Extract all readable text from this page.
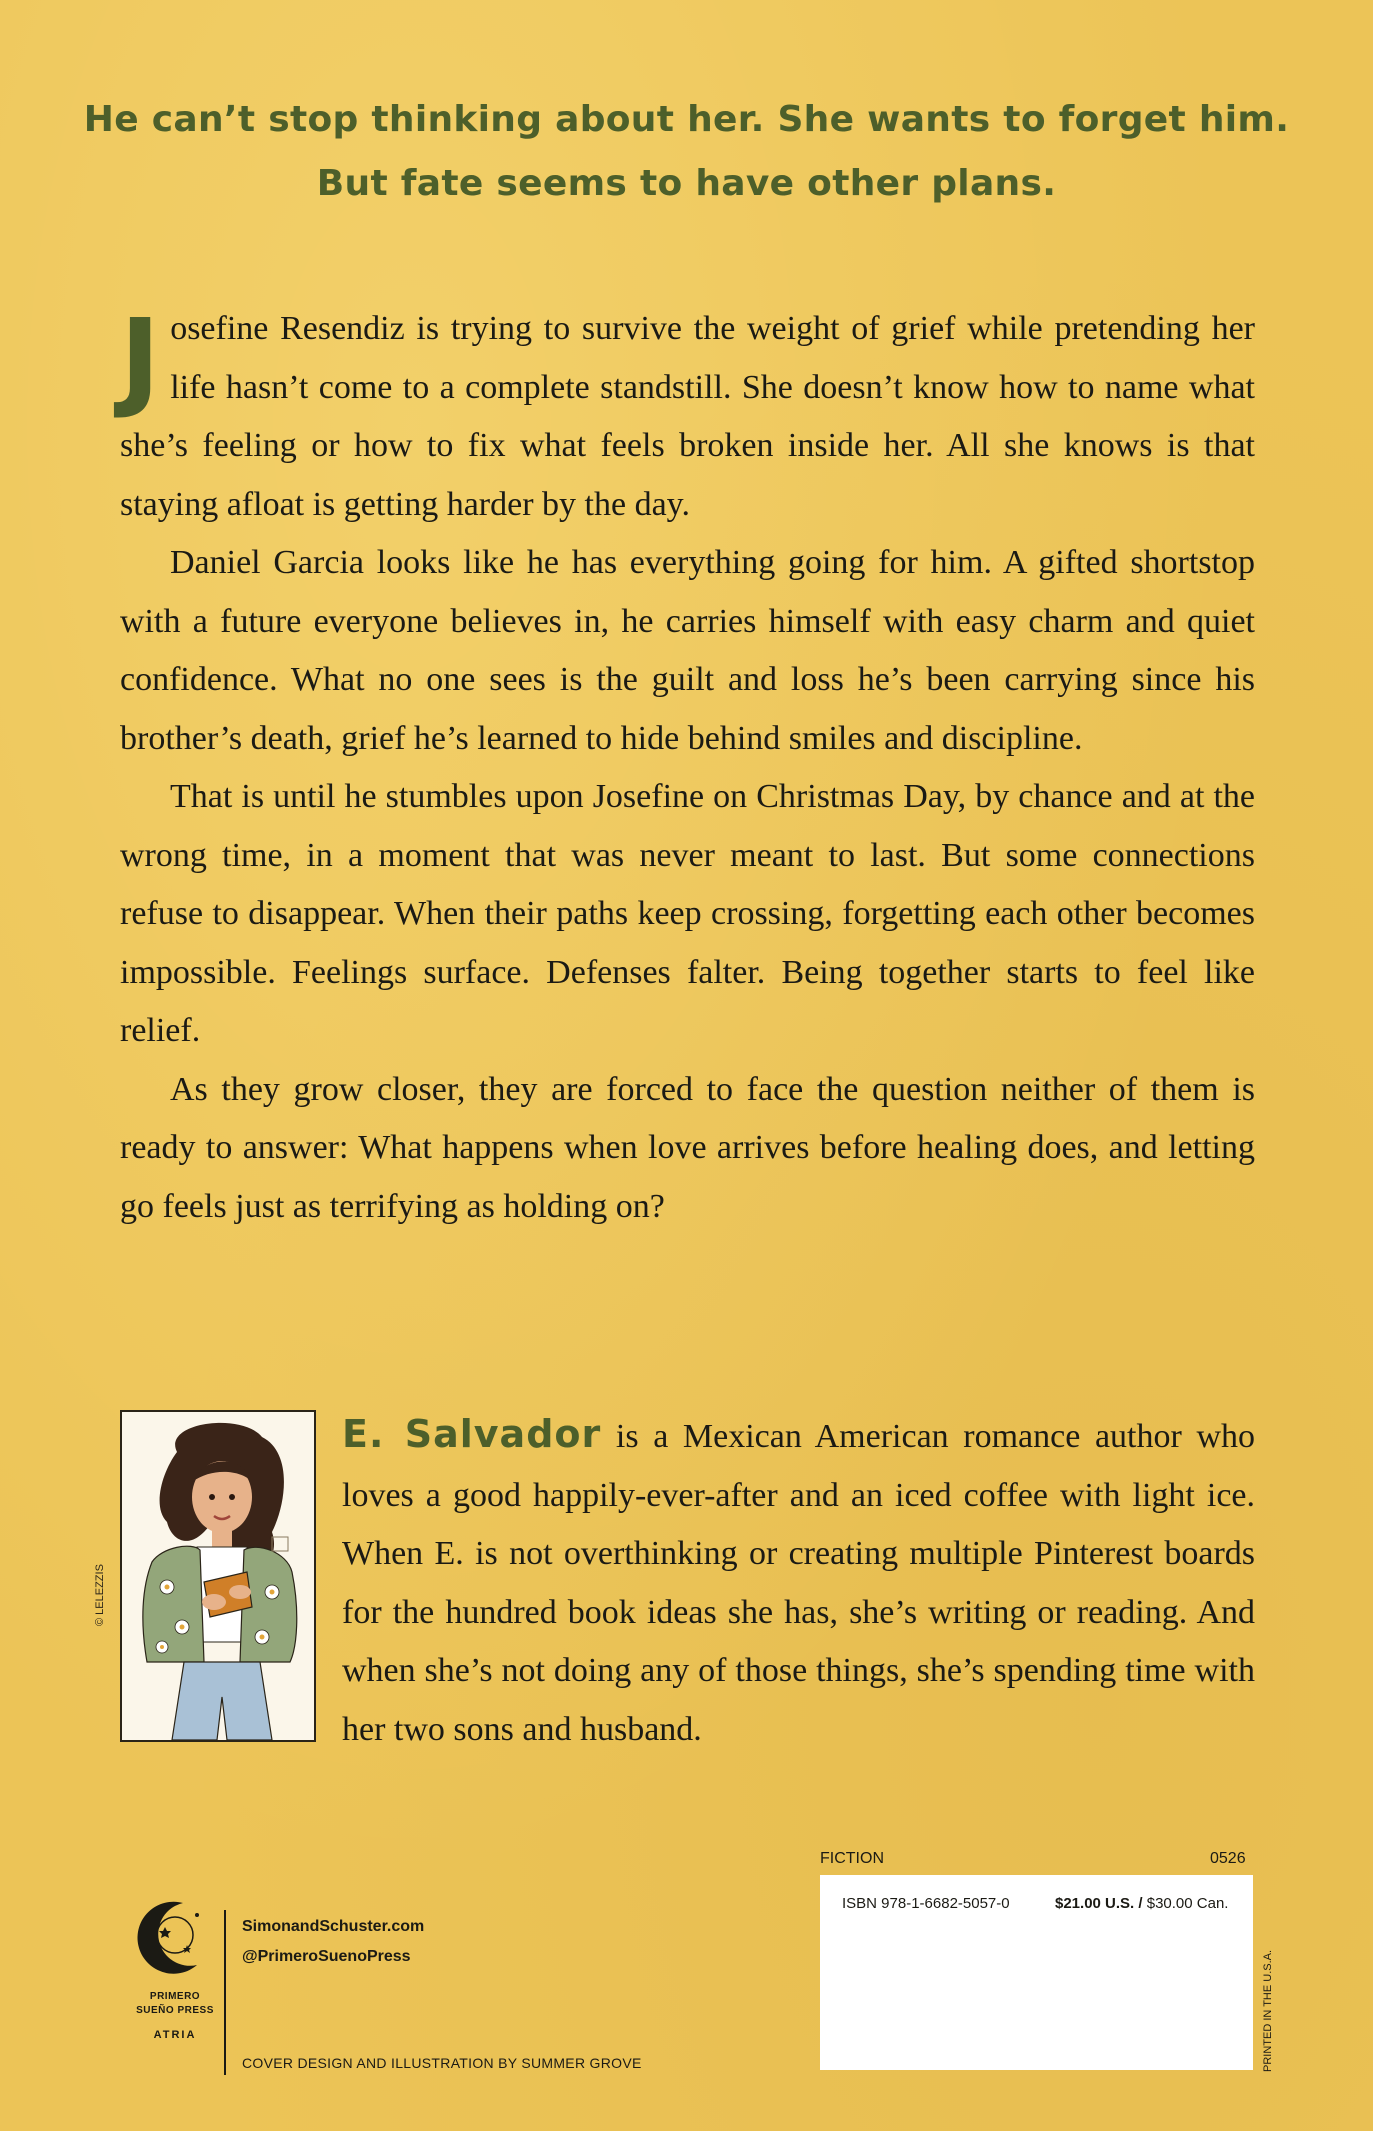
He can’t stop thinking about her. She wants to forget him.
But fate seems to have other plans.

Josefine Resendiz is trying to survive the weight of grief while pretending her life hasn’t come to a complete standstill. She doesn’t know how to name what she’s feeling or how to fix what feels broken inside her. All she knows is that staying afloat is getting harder by the day.

Daniel Garcia looks like he has everything going for him. A gifted shortstop with a future everyone believes in, he carries himself with easy charm and quiet confidence. What no one sees is the guilt and loss he’s been carrying since his brother’s death, grief he’s learned to hide behind smiles and discipline.

That is until he stumbles upon Josefine on Christmas Day, by chance and at the wrong time, in a moment that was never meant to last. But some connections refuse to disappear. When their paths keep crossing, forgetting each other becomes impossible. Feelings surface. Defenses falter. Being together starts to feel like relief.

As they grow closer, they are forced to face the question neither of them is ready to answer: What happens when love arrives before healing does, and letting go feels just as terrifying as holding on?

© LELEZZIS
E. Salvador is a Mexican American romance author who loves a good happily-ever-after and an iced coffee with light ice. When E. is not overthinking or creating multiple Pinterest boards for the hundred book ideas she has, she’s writing or reading. And when she’s not doing any of those things, she’s spending time with her two sons and husband.
PRIMERO
SUEÑO PRESS
ATRIA
SimonandSchuster.com
@PrimeroSuenoPress
COVER DESIGN AND ILLUSTRATION BY SUMMER GROVE
FICTION	0526
ISBN 978-1-6682-5057-0	$21.00 U.S. / $30.00 Can.
PRINTED IN THE U.S.A.
